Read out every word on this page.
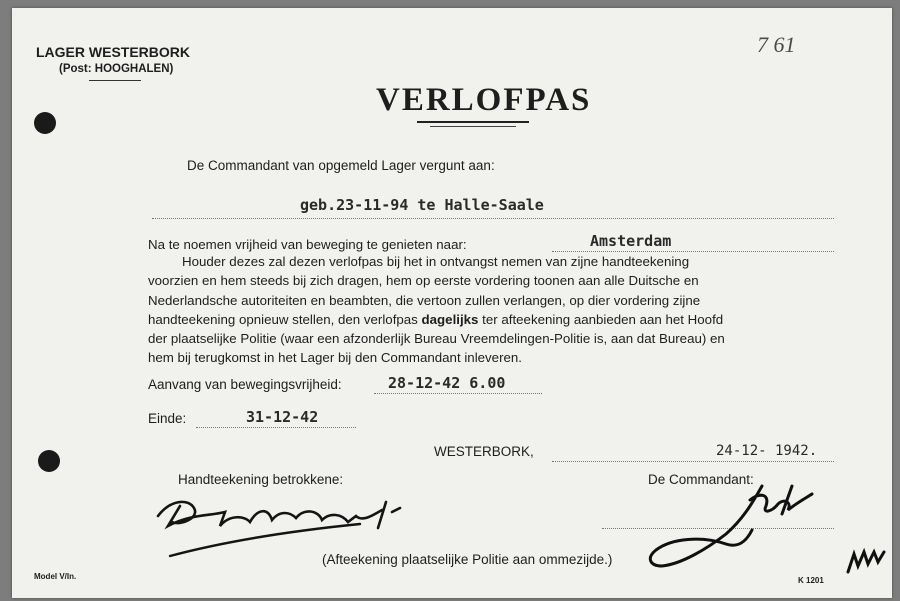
LAGER WESTERBORK
(Post: HOOGHALEN)
7 61
VERLOFPAS
De Commandant van opgemeld Lager vergunt aan:
geb.23-11-94 te Halle-Saale
Na te noemen vrijheid van beweging te genieten naar:	Amsterdam
Houder dezes zal dezen verlofpas bij het in ontvangst nemen van zijne handteekening
voorzien en hem steeds bij zich dragen, hem op eerste vordering toonen aan alle Duitsche en
Nederlandsche autoriteiten en beambten, die vertoon zullen verlangen, op dier vordering zijne
handteekening opnieuw stellen, den verlofpas dagelijks ter afteekening aanbieden aan het Hoofd
der plaatselijke Politie (waar een afzonderlijk Bureau Vreemdelingen-Politie is, aan dat Bureau) en
hem bij terugkomst in het Lager bij den Commandant inleveren.
Aanvang van bewegingsvrijheid:	28-12-42 6.00
Einde:	31-12-42
WESTERBORK,	24-12- 1942.
Handteekening betrokkene:	De Commandant:
(Afteekening plaatselijke Politie aan ommezijde.)
Model V/In.	K 1201
